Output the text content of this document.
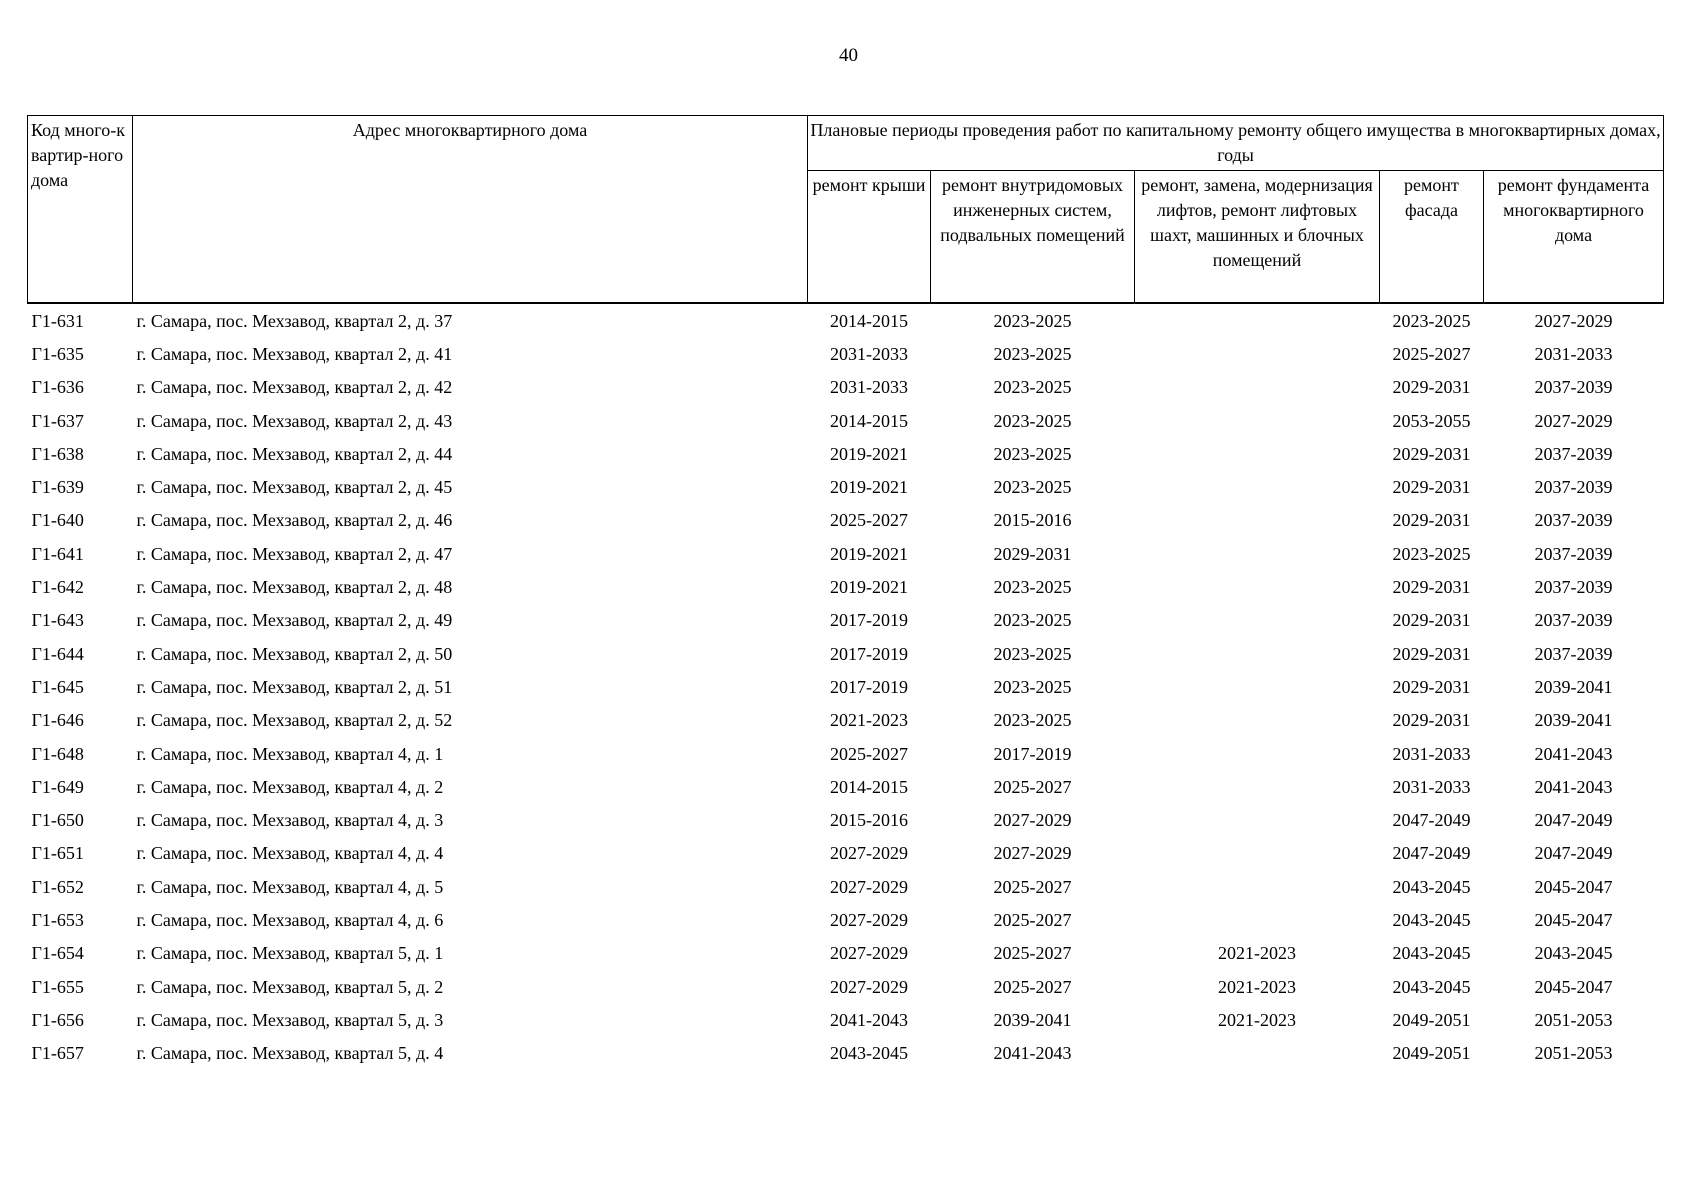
40
Код много-квартир-ного дома	Адрес многоквартирного дома	Плановые периоды проведения работ по капитальному ремонту общего имущества в многоквартирных домах, годы				
		ремонт крыши	ремонт внутридомовых инженерных систем, подвальных помещений	ремонт, замена, модернизация лифтов, ремонт лифтовых шахт, машинных и блочных помещений	ремонт фасада	ремонт фундамента многоквартирного дома
Г1-631	г. Самара, пос. Мехзавод, квартал 2, д. 37	2014-2015	2023-2025		2023-2025	2027-2029
Г1-635	г. Самара, пос. Мехзавод, квартал 2, д. 41	2031-2033	2023-2025		2025-2027	2031-2033
Г1-636	г. Самара, пос. Мехзавод, квартал 2, д. 42	2031-2033	2023-2025		2029-2031	2037-2039
Г1-637	г. Самара, пос. Мехзавод, квартал 2, д. 43	2014-2015	2023-2025		2053-2055	2027-2029
Г1-638	г. Самара, пос. Мехзавод, квартал 2, д. 44	2019-2021	2023-2025		2029-2031	2037-2039
Г1-639	г. Самара, пос. Мехзавод, квартал 2, д. 45	2019-2021	2023-2025		2029-2031	2037-2039
Г1-640	г. Самара, пос. Мехзавод, квартал 2, д. 46	2025-2027	2015-2016		2029-2031	2037-2039
Г1-641	г. Самара, пос. Мехзавод, квартал 2, д. 47	2019-2021	2029-2031		2023-2025	2037-2039
Г1-642	г. Самара, пос. Мехзавод, квартал 2, д. 48	2019-2021	2023-2025		2029-2031	2037-2039
Г1-643	г. Самара, пос. Мехзавод, квартал 2, д. 49	2017-2019	2023-2025		2029-2031	2037-2039
Г1-644	г. Самара, пос. Мехзавод, квартал 2, д. 50	2017-2019	2023-2025		2029-2031	2037-2039
Г1-645	г. Самара, пос. Мехзавод, квартал 2, д. 51	2017-2019	2023-2025		2029-2031	2039-2041
Г1-646	г. Самара, пос. Мехзавод, квартал 2, д. 52	2021-2023	2023-2025		2029-2031	2039-2041
Г1-648	г. Самара, пос. Мехзавод, квартал 4, д. 1	2025-2027	2017-2019		2031-2033	2041-2043
Г1-649	г. Самара, пос. Мехзавод, квартал 4, д. 2	2014-2015	2025-2027		2031-2033	2041-2043
Г1-650	г. Самара, пос. Мехзавод, квартал 4, д. 3	2015-2016	2027-2029		2047-2049	2047-2049
Г1-651	г. Самара, пос. Мехзавод, квартал 4, д. 4	2027-2029	2027-2029		2047-2049	2047-2049
Г1-652	г. Самара, пос. Мехзавод, квартал 4, д. 5	2027-2029	2025-2027		2043-2045	2045-2047
Г1-653	г. Самара, пос. Мехзавод, квартал 4, д. 6	2027-2029	2025-2027		2043-2045	2045-2047
Г1-654	г. Самара, пос. Мехзавод, квартал 5, д. 1	2027-2029	2025-2027	2021-2023	2043-2045	2043-2045
Г1-655	г. Самара, пос. Мехзавод, квартал 5, д. 2	2027-2029	2025-2027	2021-2023	2043-2045	2045-2047
Г1-656	г. Самара, пос. Мехзавод, квартал 5, д. 3	2041-2043	2039-2041	2021-2023	2049-2051	2051-2053
Г1-657	г. Самара, пос. Мехзавод, квартал 5, д. 4	2043-2045	2041-2043		2049-2051	2051-2053
